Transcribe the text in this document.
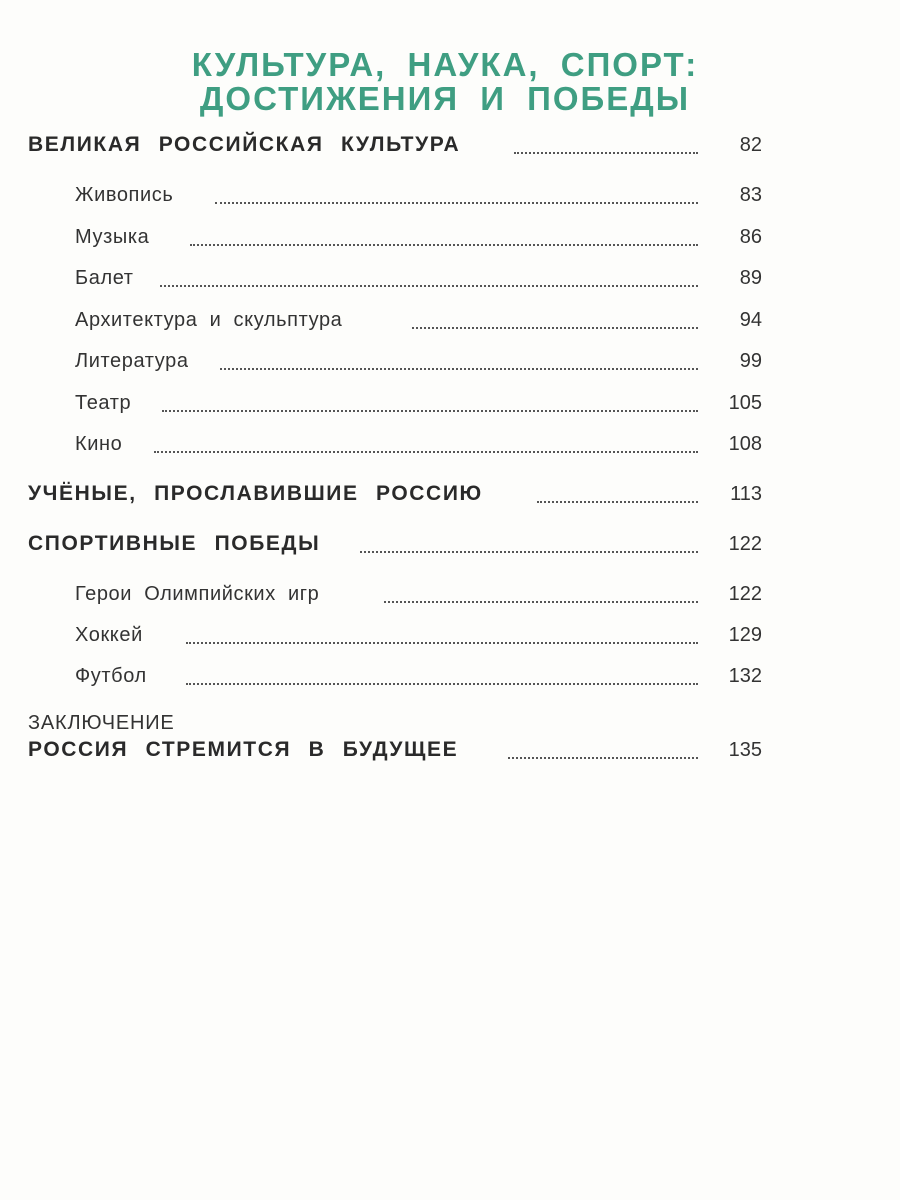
КУЛЬТУРА, НАУКА, СПОРТ:
ДОСТИЖЕНИЯ И ПОБЕДЫ
ВЕЛИКАЯ РОССИЙСКАЯ КУЛЬТУРА	82
Живопись	83
Музыка	86
Балет	89
Архитектура и скульптура	94
Литература	99
Театр	105
Кино	108
УЧЁНЫЕ, ПРОСЛАВИВШИЕ РОССИЮ	113
СПОРТИВНЫЕ ПОБЕДЫ	122
Герои Олимпийских игр	122
Хоккей	129
Футбол	132
ЗАКЛЮЧЕНИЕ
РОССИЯ СТРЕМИТСЯ В БУДУЩЕЕ	135
